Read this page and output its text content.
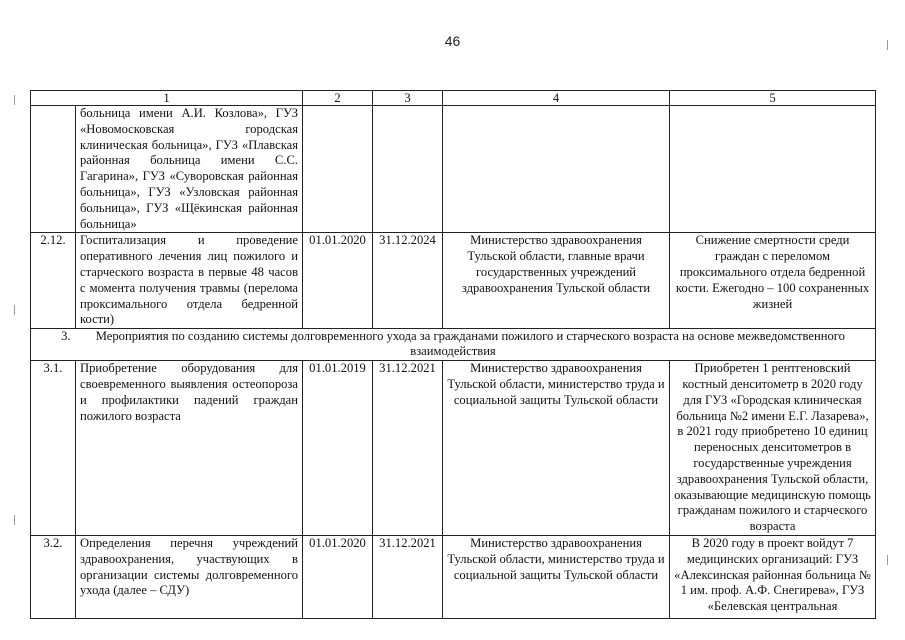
46
1		2	3	4	5
	больница имени А.И. Козлова», ГУЗ «Новомосковская городская клиническая больница», ГУЗ «Плавская районная больница имени С.С. Гагарина», ГУЗ «Суворовская районная больница», ГУЗ «Узловская районная больница», ГУЗ «Щёкинская районная больница»				
2.12.	Госпитализация и проведение оперативного лечения лиц пожилого и старческого возраста в первые 48 часов с момента получения травмы (перелома проксимального отдела бедренной кости)	01.01.2020	31.12.2024	Министерство здравоохранения Тульской области, главные врачи государственных учреждений здравоохранения Тульской области	Снижение смертности среди граждан с переломом проксимального отдела бедренной кости. Ежегодно – 100 сохраненных жизней
3. Мероприятия по созданию системы долговременного ухода за гражданами пожилого и старческого возраста на основе межведомственного взаимодействия					
3.1.	Приобретение оборудования для своевременного выявления остеопороза и профилактики падений граждан пожилого возраста	01.01.2019	31.12.2021	Министерство здравоохранения Тульской области, министерство труда и социальной защиты Тульской области	Приобретен 1 рентгеновский костный денситометр в 2020 году для ГУЗ «Городская клиническая больница №2 имени Е.Г. Лазарева», в 2021 году приобретено 10 единиц переносных денситометров в государственные учреждения здравоохранения Тульской области, оказывающие медицинскую помощь гражданам пожилого и старческого возраста
3.2.	Определения перечня учреждений здравоохранения, участвующих в организации системы долговременного ухода (далее – СДУ)	01.01.2020	31.12.2021	Министерство здравоохранения Тульской области, министерство труда и социальной защиты Тульской области	В 2020 году в проект войдут 7 медицинских организаций: ГУЗ «Алексинская районная больница № 1 им. проф. А.Ф. Снегирева», ГУЗ «Белевская центральная
